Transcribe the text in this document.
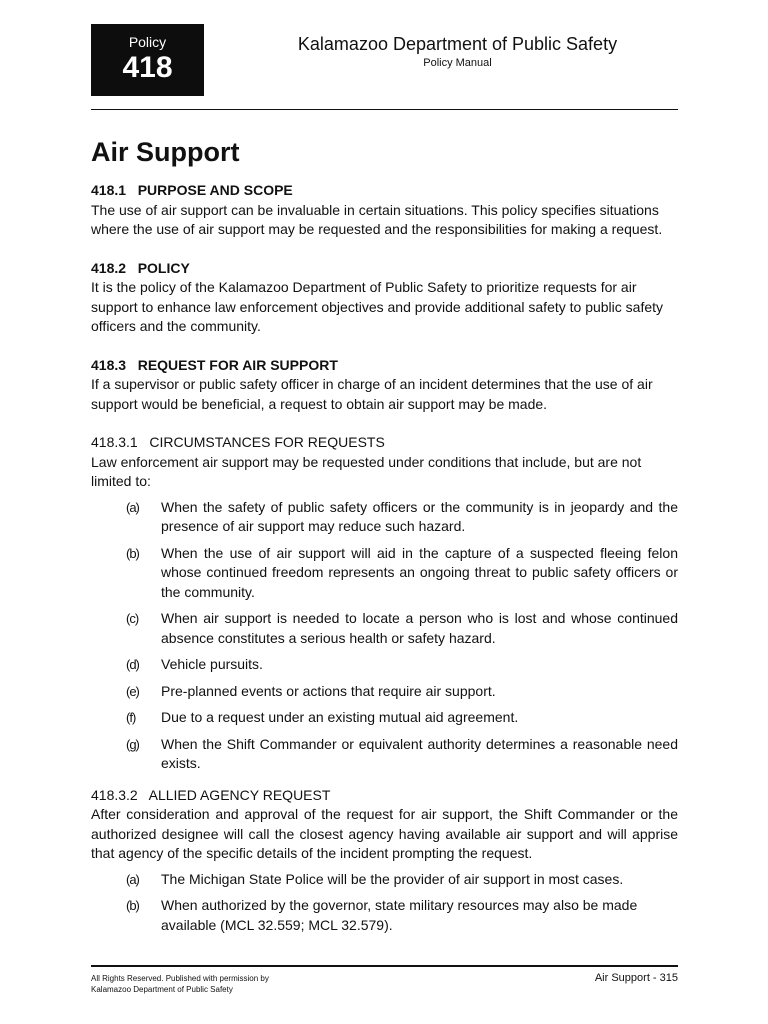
Policy
418
Kalamazoo Department of Public Safety
Policy Manual
Air Support

418.1   PURPOSE AND SCOPE

The use of air support can be invaluable in certain situations. This policy specifies situations where the use of air support may be requested and the responsibilities for making a request.

418.2   POLICY

It is the policy of the Kalamazoo Department of Public Safety to prioritize requests for air support to enhance law enforcement objectives and provide additional safety to public safety officers and the community.

418.3   REQUEST FOR AIR SUPPORT

If a supervisor or public safety officer in charge of an incident determines that the use of air support would be beneficial, a request to obtain air support may be made.

418.3.1   CIRCUMSTANCES FOR REQUESTS

Law enforcement air support may be requested under conditions that include, but are not limited to:

(a) When the safety of public safety officers or the community is in jeopardy and the presence of air support may reduce such hazard.
(b) When the use of air support will aid in the capture of a suspected fleeing felon whose continued freedom represents an ongoing threat to public safety officers or the community.
(c) When air support is needed to locate a person who is lost and whose continued absence constitutes a serious health or safety hazard.
(d) Vehicle pursuits.
(e) Pre-planned events or actions that require air support.
(f) Due to a request under an existing mutual aid agreement.
(g) When the Shift Commander or equivalent authority determines a reasonable need exists.

418.3.2   ALLIED AGENCY REQUEST

After consideration and approval of the request for air support, the Shift Commander or the authorized designee will call the closest agency having available air support and will apprise that agency of the specific details of the incident prompting the request.

(a) The Michigan State Police will be the provider of air support in most cases.
(b) When authorized by the governor, state military resources may also be made available (MCL 32.559; MCL 32.579).
All Rights Reserved. Published with permission by Kalamazoo Department of Public Safety
Air Support - 315
